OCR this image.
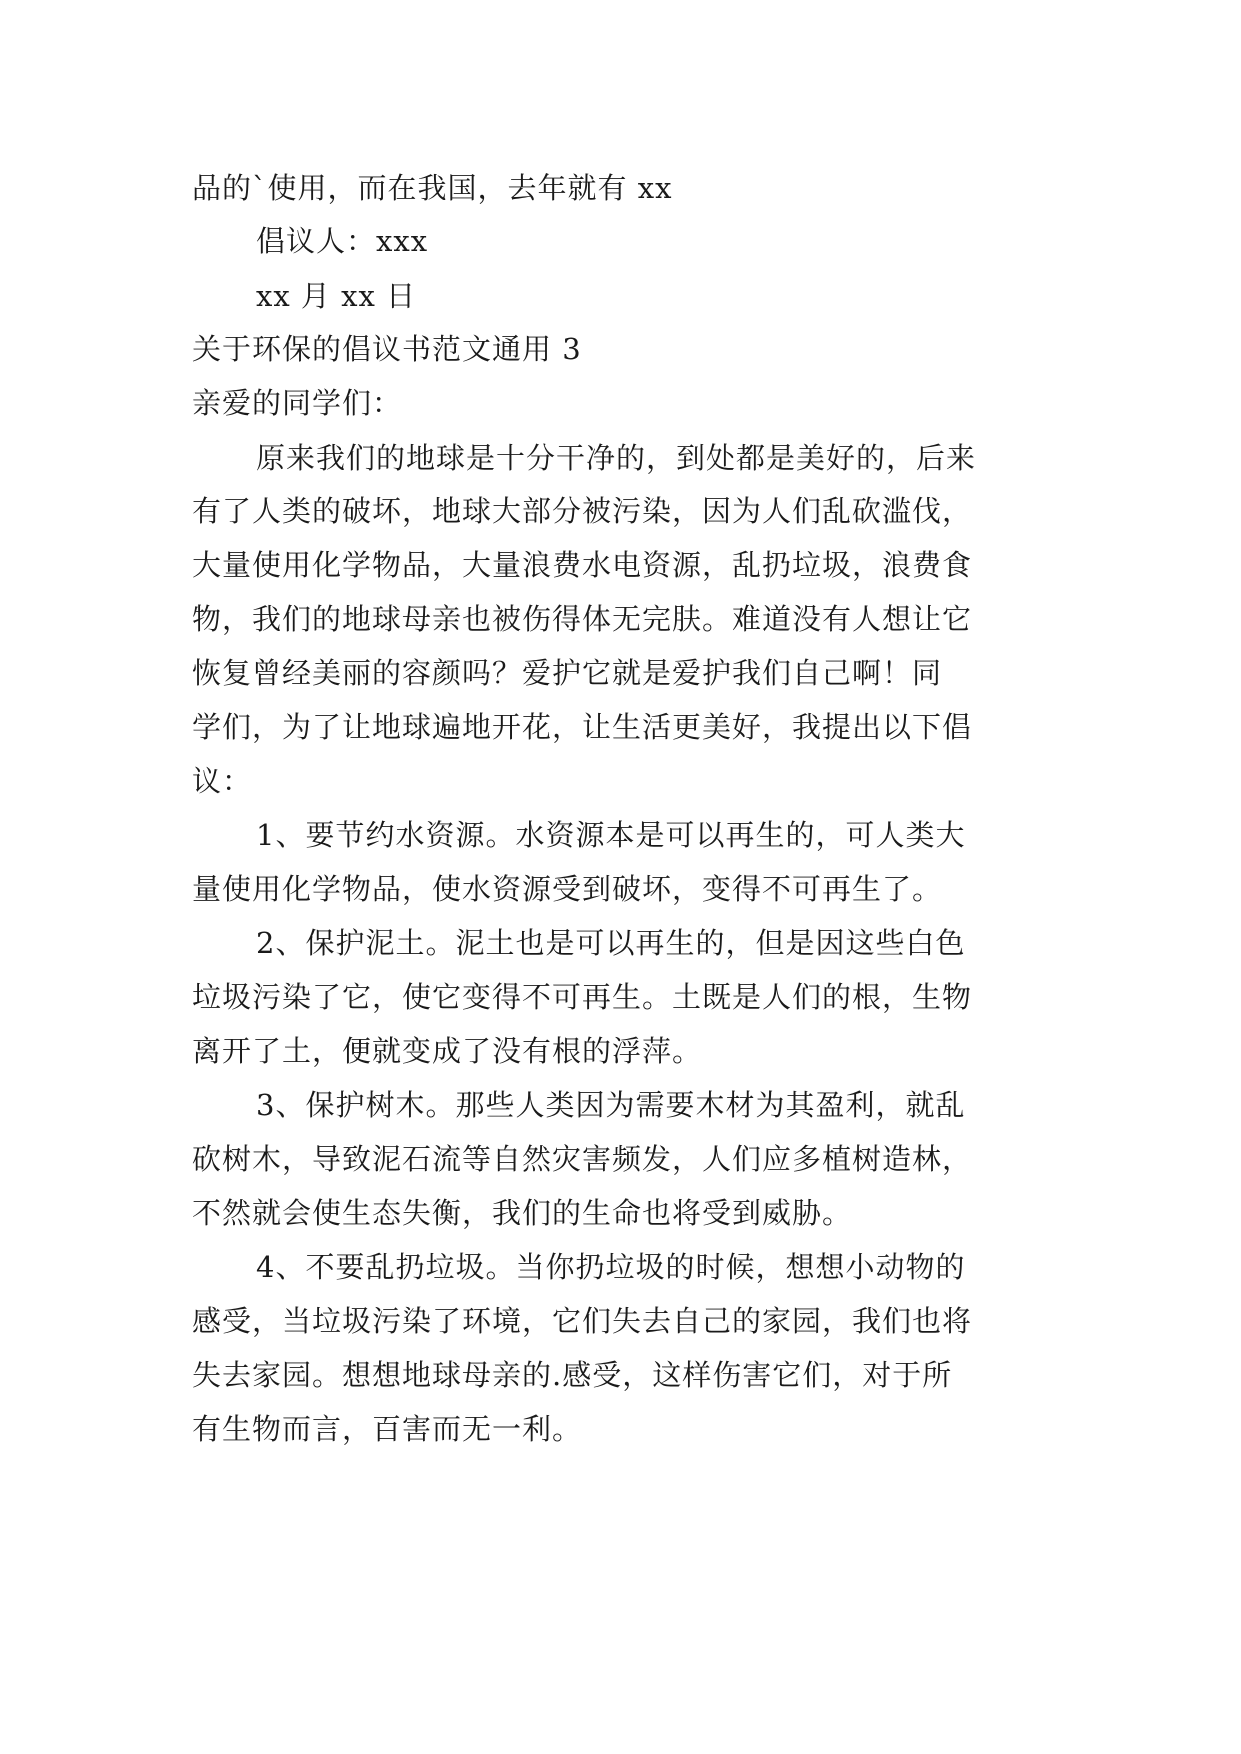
品的`使用，而在我国，去年就有 xx
倡议人：xxx
xx 月 xx 日
关于环保的倡议书范文通用 3
亲爱的同学们：
原来我们的地球是十分干净的，到处都是美好的，后来
有了人类的破坏，地球大部分被污染，因为人们乱砍滥伐，
大量使用化学物品，大量浪费水电资源，乱扔垃圾，浪费食
物，我们的地球母亲也被伤得体无完肤。难道没有人想让它
恢复曾经美丽的容颜吗？爱护它就是爱护我们自己啊！同
学们，为了让地球遍地开花，让生活更美好，我提出以下倡
议：
1、要节约水资源。水资源本是可以再生的，可人类大
量使用化学物品，使水资源受到破坏，变得不可再生了。
2、保护泥土。泥土也是可以再生的，但是因这些白色
垃圾污染了它，使它变得不可再生。土既是人们的根，生物
离开了土，便就变成了没有根的浮萍。
3、保护树木。那些人类因为需要木材为其盈利，就乱
砍树木，导致泥石流等自然灾害频发，人们应多植树造林，
不然就会使生态失衡，我们的生命也将受到威胁。
4、不要乱扔垃圾。当你扔垃圾的时候，想想小动物的
感受，当垃圾污染了环境，它们失去自己的家园，我们也将
失去家园。想想地球母亲的.感受，这样伤害它们，对于所
有生物而言，百害而无一利。
